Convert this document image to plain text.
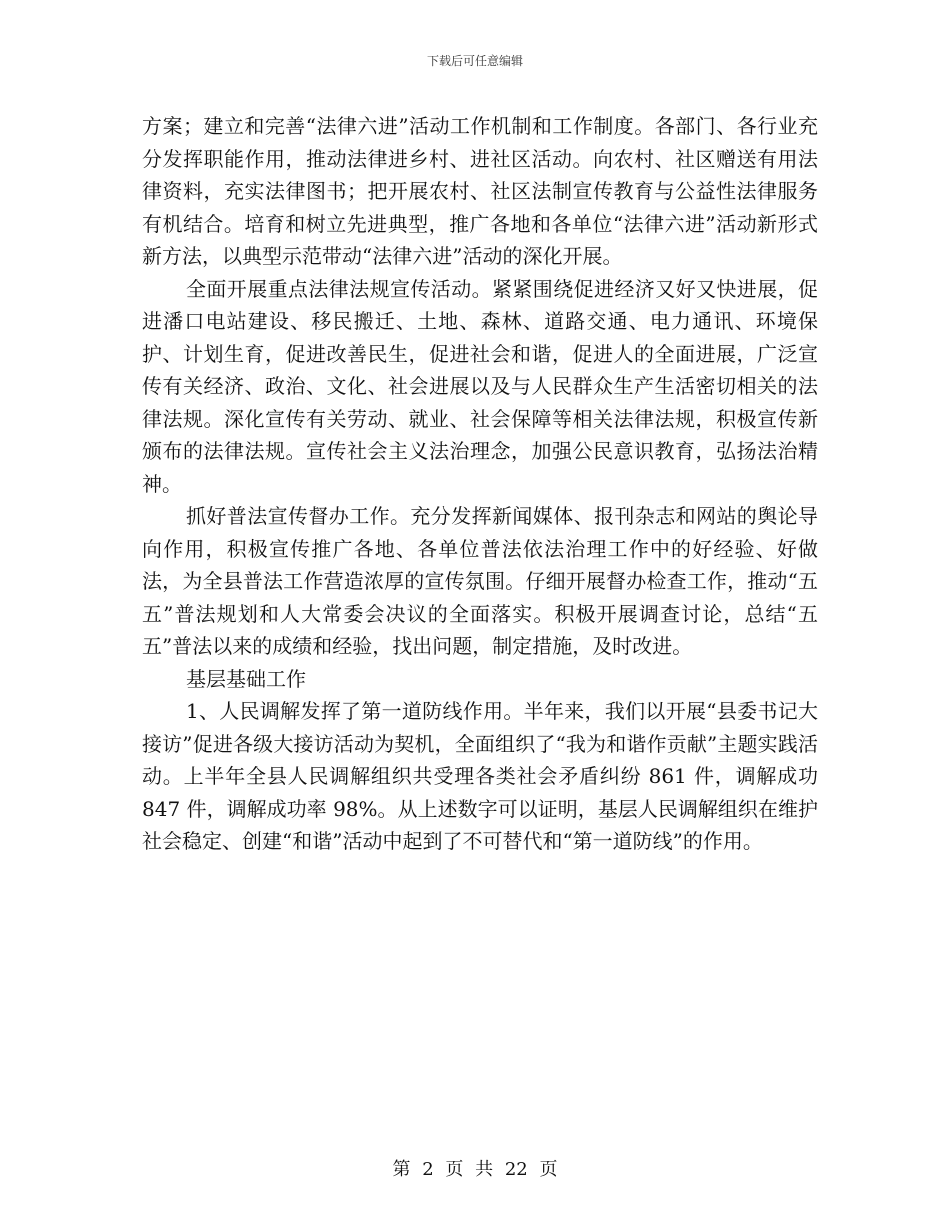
下载后可任意编辑

方案；建立和完善“法律六进”活动工作机制和工作制度。各部门、各行业充分发挥职能作用，推动法律进乡村、进社区活动。向农村、社区赠送有用法律资料，充实法律图书；把开展农村、社区法制宣传教育与公益性法律服务有机结合。培育和树立先进典型，推广各地和各单位“法律六进”活动新形式新方法，以典型示范带动“法律六进”活动的深化开展。

全面开展重点法律法规宣传活动。紧紧围绕促进经济又好又快进展，促进潘口电站建设、移民搬迁、土地、森林、道路交通、电力通讯、环境保护、计划生育，促进改善民生，促进社会和谐，促进人的全面进展，广泛宣传有关经济、政治、文化、社会进展以及与人民群众生产生活密切相关的法律法规。深化宣传有关劳动、就业、社会保障等相关法律法规，积极宣传新颁布的法律法规。宣传社会主义法治理念，加强公民意识教育，弘扬法治精神。

抓好普法宣传督办工作。充分发挥新闻媒体、报刊杂志和网站的舆论导向作用，积极宣传推广各地、各单位普法依法治理工作中的好经验、好做法，为全县普法工作营造浓厚的宣传氛围。仔细开展督办检查工作，推动“五五”普法规划和人大常委会决议的全面落实。积极开展调查讨论，总结“五五”普法以来的成绩和经验，找出问题，制定措施，及时改进。

基层基础工作

1、人民调解发挥了第一道防线作用。半年来，我们以开展“县委书记大接访”促进各级大接访活动为契机，全面组织了“我为和谐作贡献”主题实践活动。上半年全县人民调解组织共受理各类社会矛盾纠纷 861 件，调解成功 847 件，调解成功率 98%。从上述数字可以证明，基层人民调解组织在维护社会稳定、创建“和谐”活动中起到了不可替代和“第一道防线”的作用。

第 2 页 共 22 页
